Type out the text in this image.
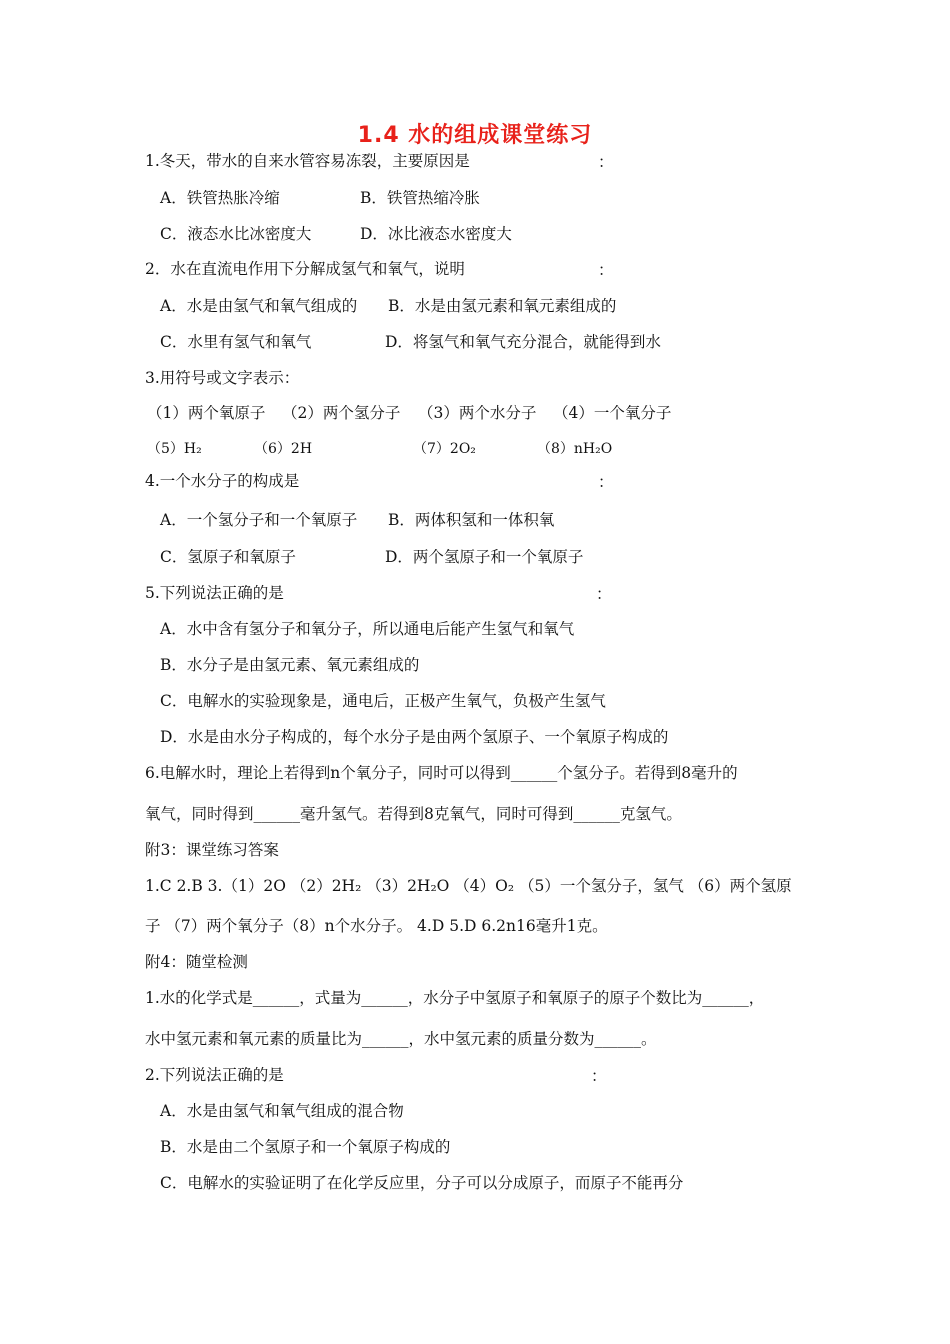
1.4 水的组成课堂练习
1.冬天，带水的自来水管容易冻裂，主要原因是	：
A．铁管热胀冷缩	B．铁管热缩冷胀
C．液态水比冰密度大	D．冰比液态水密度大
2．水在直流电作用下分解成氢气和氧气，说明	：
A．水是由氢气和氧气组成的 B．水是由氢元素和氧元素组成的
C．水里有氢气和氧气	D．将氢气和氧气充分混合，就能得到水
3.用符号或文字表示：
（1）两个氧原子 （2）两个氢分子 （3）两个水分子 （4）一个氧分子
（5）H₂	（6）2H	（7）2O₂	（8）nH₂O
4.一个水分子的构成是	：
A．一个氢分子和一个氧原子 B．两体积氢和一体积氧
C．氢原子和氧原子	D．两个氢原子和一个氧原子
5.下列说法正确的是	：
A．水中含有氢分子和氧分子，所以通电后能产生氢气和氧气
B．水分子是由氢元素、氧元素组成的
C．电解水的实验现象是，通电后，正极产生氧气，负极产生氢气
D．水是由水分子构成的，每个水分子是由两个氢原子、一个氧原子构成的
6.电解水时，理论上若得到n个氧分子，同时可以得到______个氢分子。若得到8毫升的
氧气，同时得到______毫升氢气。若得到8克氧气，同时可得到______克氢气。
附3：课堂练习答案
1.C 2.B 3.（1）2O （2）2H₂ （3）2H₂O （4）O₂ （5）一个氢分子，氢气 （6）两个氢原
子 （7）两个氧分子（8）n个水分子。 4.D 5.D 6.2n16毫升1克。
附4：随堂检测
1.水的化学式是______，式量为______，水分子中氢原子和氧原子的原子个数比为______，
水中氢元素和氧元素的质量比为______，水中氢元素的质量分数为______。
2.下列说法正确的是	：
A．水是由氢气和氧气组成的混合物
B．水是由二个氢原子和一个氧原子构成的
C．电解水的实验证明了在化学反应里，分子可以分成原子，而原子不能再分
